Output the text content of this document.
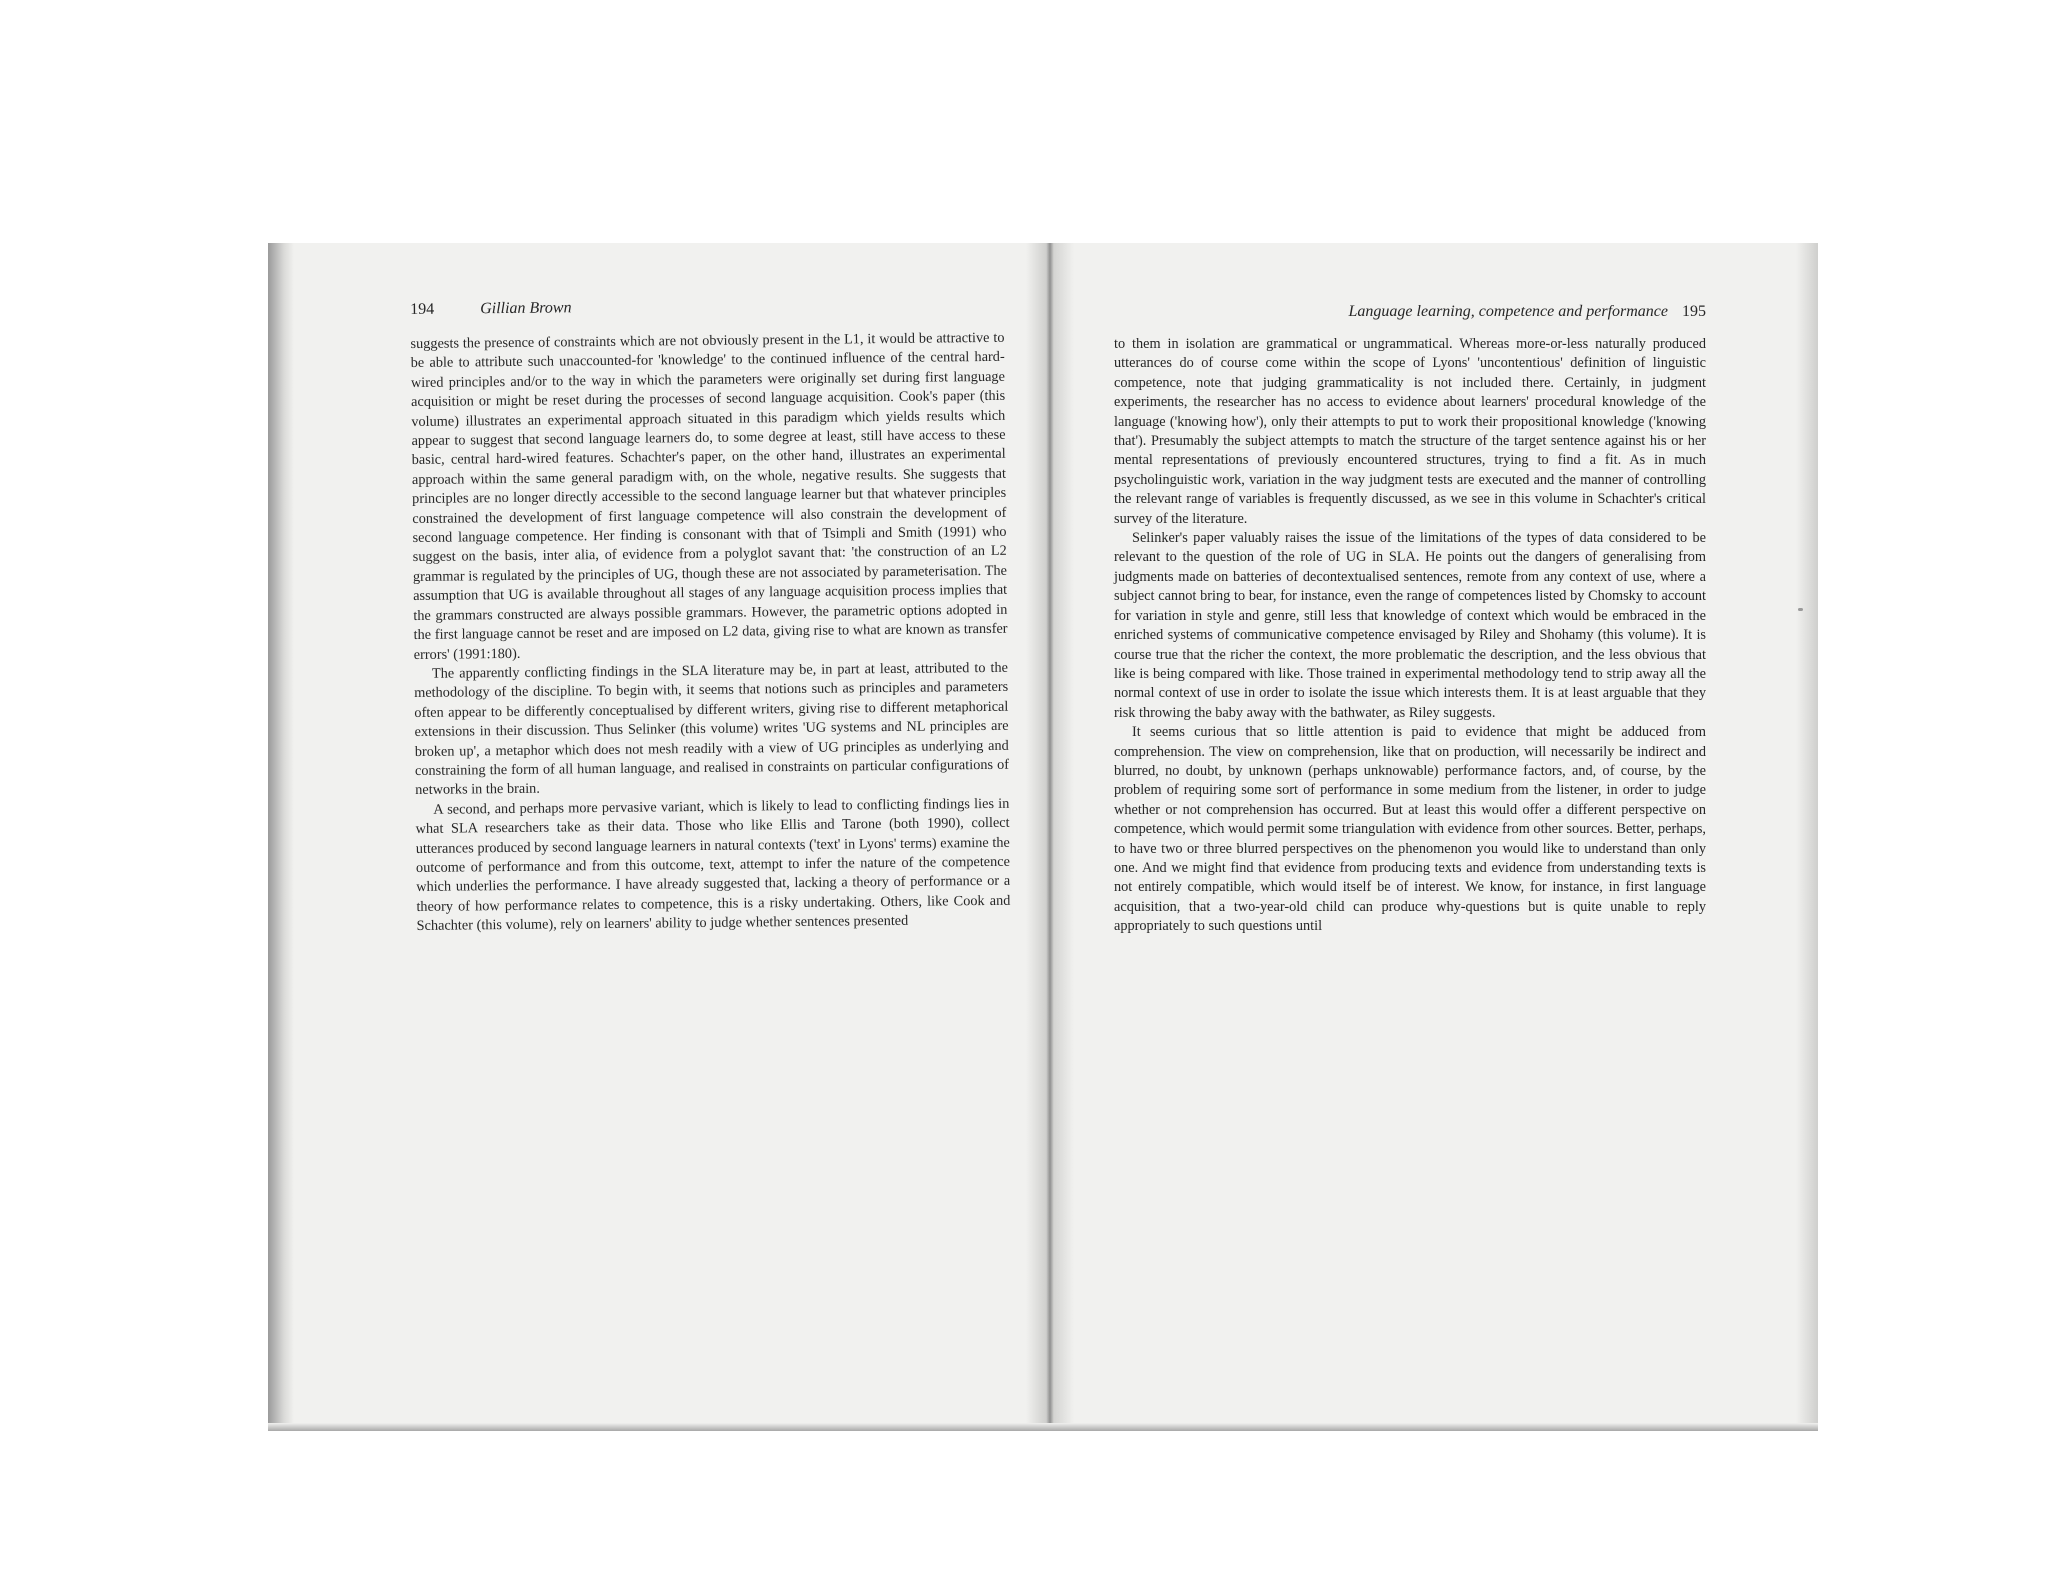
194	Gillian Brown

suggests the presence of constraints which are not obviously present in the L1, it would be attractive to be able to attribute such unaccounted-for 'knowledge' to the continued influence of the central hard-wired principles and/or to the way in which the parameters were originally set during first language acquisition or might be reset during the processes of second language acquisition. Cook's paper (this volume) illustrates an experimental approach situated in this paradigm which yields results which appear to suggest that second language learners do, to some degree at least, still have access to these basic, central hard-wired features. Schachter's paper, on the other hand, illustrates an experimental approach within the same general paradigm with, on the whole, negative results. She suggests that principles are no longer directly accessible to the second language learner but that whatever principles constrained the development of first language competence will also constrain the development of second language competence. Her finding is consonant with that of Tsimpli and Smith (1991) who suggest on the basis, inter alia, of evidence from a polyglot savant that: 'the construction of an L2 grammar is regulated by the principles of UG, though these are not associated by parameterisation. The assumption that UG is available throughout all stages of any language acquisition process implies that the grammars constructed are always possible grammars. However, the parametric options adopted in the first language cannot be reset and are imposed on L2 data, giving rise to what are known as transfer errors' (1991:180).

The apparently conflicting findings in the SLA literature may be, in part at least, attributed to the methodology of the discipline. To begin with, it seems that notions such as principles and parameters often appear to be differently conceptualised by different writers, giving rise to different metaphorical extensions in their discussion. Thus Selinker (this volume) writes 'UG systems and NL principles are broken up', a metaphor which does not mesh readily with a view of UG principles as underlying and constraining the form of all human language, and realised in constraints on particular configurations of networks in the brain.

A second, and perhaps more pervasive variant, which is likely to lead to conflicting findings lies in what SLA researchers take as their data. Those who like Ellis and Tarone (both 1990), collect utterances produced by second language learners in natural contexts ('text' in Lyons' terms) examine the outcome of performance and from this outcome, text, attempt to infer the nature of the competence which underlies the performance. I have already suggested that, lacking a theory of performance or a theory of how performance relates to competence, this is a risky undertaking. Others, like Cook and Schachter (this volume), rely on learners' ability to judge whether sentences presented

Language learning, competence and performance 195

to them in isolation are grammatical or ungrammatical. Whereas more-or-less naturally produced utterances do of course come within the scope of Lyons' 'uncontentious' definition of linguistic competence, note that judging grammaticality is not included there. Certainly, in judgment experiments, the researcher has no access to evidence about learners' procedural knowledge of the language ('knowing how'), only their attempts to put to work their propositional knowledge ('knowing that'). Presumably the subject attempts to match the structure of the target sentence against his or her mental representations of previously encountered structures, trying to find a fit. As in much psycholinguistic work, variation in the way judgment tests are executed and the manner of controlling the relevant range of variables is frequently discussed, as we see in this volume in Schachter's critical survey of the literature.

Selinker's paper valuably raises the issue of the limitations of the types of data considered to be relevant to the question of the role of UG in SLA. He points out the dangers of generalising from judgments made on batteries of decontextualised sentences, remote from any context of use, where a subject cannot bring to bear, for instance, even the range of competences listed by Chomsky to account for variation in style and genre, still less that knowledge of context which would be embraced in the enriched systems of communicative competence envisaged by Riley and Shohamy (this volume). It is course true that the richer the context, the more problematic the description, and the less obvious that like is being compared with like. Those trained in experimental methodology tend to strip away all the normal context of use in order to isolate the issue which interests them. It is at least arguable that they risk throwing the baby away with the bathwater, as Riley suggests.

It seems curious that so little attention is paid to evidence that might be adduced from comprehension. The view on comprehension, like that on production, will necessarily be indirect and blurred, no doubt, by unknown (perhaps unknowable) performance factors, and, of course, by the problem of requiring some sort of performance in some medium from the listener, in order to judge whether or not comprehension has occurred. But at least this would offer a different perspective on competence, which would permit some triangulation with evidence from other sources. Better, perhaps, to have two or three blurred perspectives on the phenomenon you would like to understand than only one. And we might find that evidence from producing texts and evidence from understanding texts is not entirely compatible, which would itself be of interest. We know, for instance, in first language acquisition, that a two-year-old child can produce why-questions but is quite unable to reply appropriately to such questions until
